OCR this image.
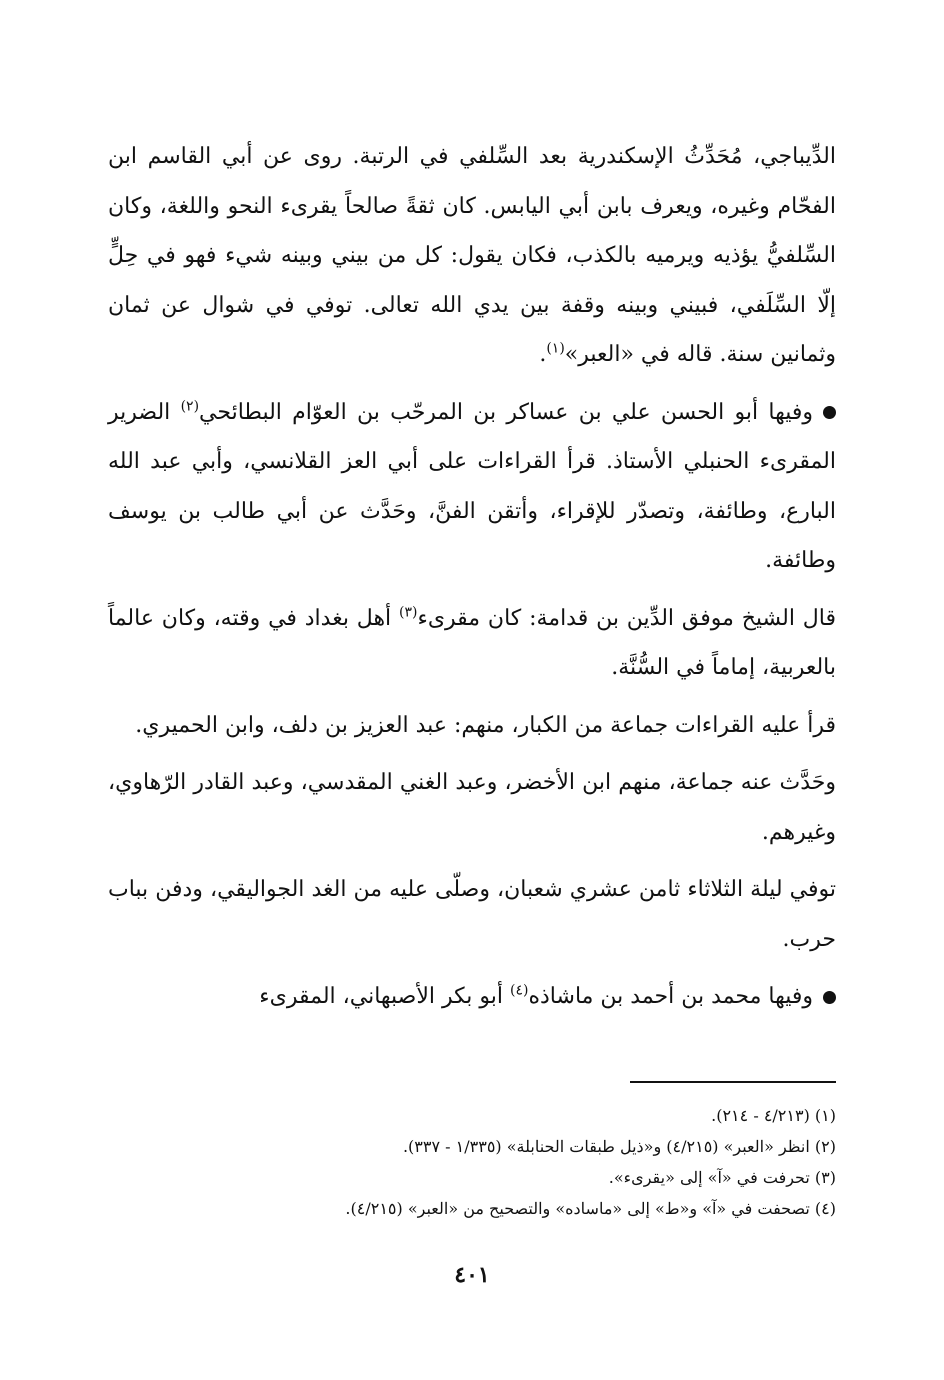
الدِّيباجي، مُحَدِّثُ الإسكندرية بعد السِّلفي في الرتبة. روى عن أبي القاسم ابن الفحّام وغيره، ويعرف بابن أبي اليابس. كان ثقةً صالحاً يقرىء النحو واللغة، وكان السِّلفيُّ يؤذيه ويرميه بالكذب، فكان يقول: كل من بيني وبينه شيء فهو في حِلٍّ إلّا السِّلَفي، فبيني وبينه وقفة بين يدي الله تعالى. توفي في شوال عن ثمان وثمانين سنة. قاله في «العبر»$^{(١)}$.

وفيها أبو الحسن علي بن عساكر بن المرحّب بن العوّام البطائحي$^{(٢)}$ الضرير المقرىء الحنبلي الأستاذ. قرأ القراءات على أبي العز القلانسي، وأبي عبد الله البارع، وطائفة، وتصدّر للإقراء، وأتقن الفنَّ، وحَدَّث عن أبي طالب بن يوسف وطائفة.

قال الشيخ موفق الدِّين بن قدامة: كان مقرىء$^{(٣)}$ أهل بغداد في وقته، وكان عالماً بالعربية، إماماً في السُّنَّة.

قرأ عليه القراءات جماعة من الكبار، منهم: عبد العزيز بن دلف، وابن الحميري.

وحَدَّث عنه جماعة، منهم ابن الأخضر، وعبد الغني المقدسي، وعبد القادر الرّهاوي، وغيرهم.

توفي ليلة الثلاثاء ثامن عشري شعبان، وصلّى عليه من الغد الجواليقي، ودفن بباب حرب.

وفيها محمد بن أحمد بن ماشاذه$^{(٤)}$ أبو بكر الأصبهاني، المقرىء

(١) (٤/٢١٣ - ٢١٤).
(٢) انظر «العبر» (٤/٢١٥) و«ذيل طبقات الحنابلة» (١/٣٣٥ - ٣٣٧).
(٣) تحرفت في «آ» إلى «يقرىء».
(٤) تصحفت في «آ» و«ط» إلى «ماساده» والتصحيح من «العبر» (٤/٢١٥).
٤٠١
